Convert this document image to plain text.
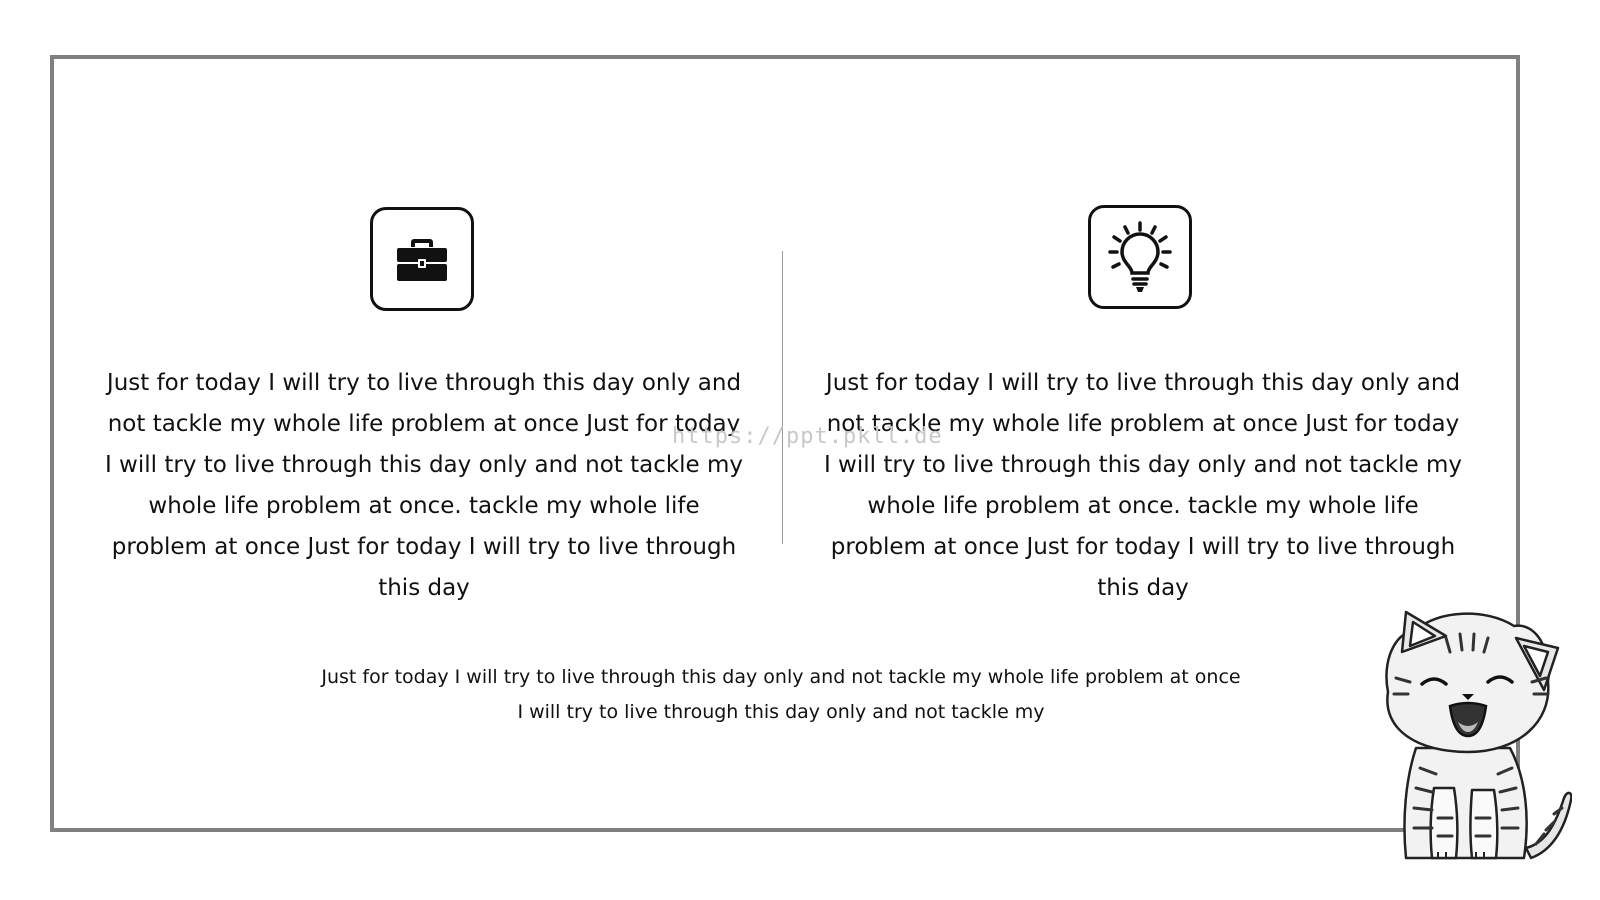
Just for today I will try to live through this day only and not tackle my whole life problem at once Just for today I will try to live through this day only and not tackle my whole life problem at once. tackle my whole life problem at once Just for today I will try to live through this day
Just for today I will try to live through this day only and not tackle my whole life problem at once Just for today I will try to live through this day only and not tackle my whole life problem at once. tackle my whole life problem at once Just for today I will try to live through this day
Just for today I will try to live through this day only and not tackle my whole life problem at once I will try to live through this day only and not tackle my
https://ppt.pkll.de
